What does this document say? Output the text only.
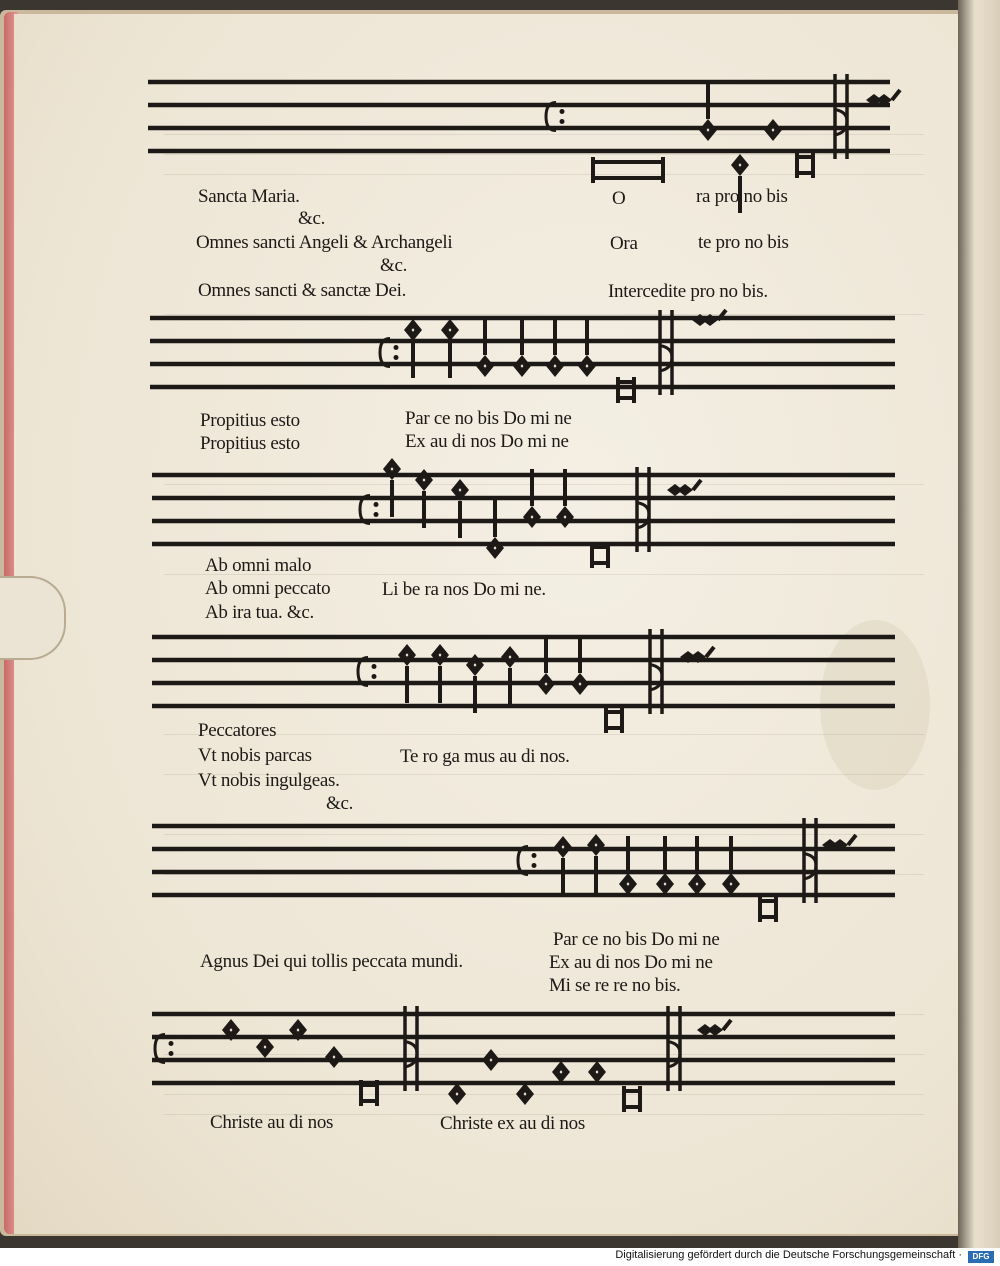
Sancta Maria.
&c.
Omnes sancti Angeli & Archangeli
&c.
Omnes sancti & sanctæ Dei.
O	ra pro no bis
Ora	te pro no bis
Intercedite pro no bis.
Propitius esto
Propitius esto
Par ce no bis Do mi ne
Ex au di nos Do mi ne
Ab omni malo
Ab omni peccato
Ab ira tua. &c.
Li be ra nos Do mi ne.
Peccatores
Vt nobis parcas
Vt nobis ingulgeas.
&c.
Te ro ga mus au di nos.
Agnus Dei qui tollis peccata mundi.
Par ce no bis Do mi ne
Ex au di nos Do mi ne
Mi se re re no bis.
Christe au di nos	Christe ex au di nos
Digitalisierung gefördert durch die Deutsche Forschungsgemeinschaft ·	DFG
